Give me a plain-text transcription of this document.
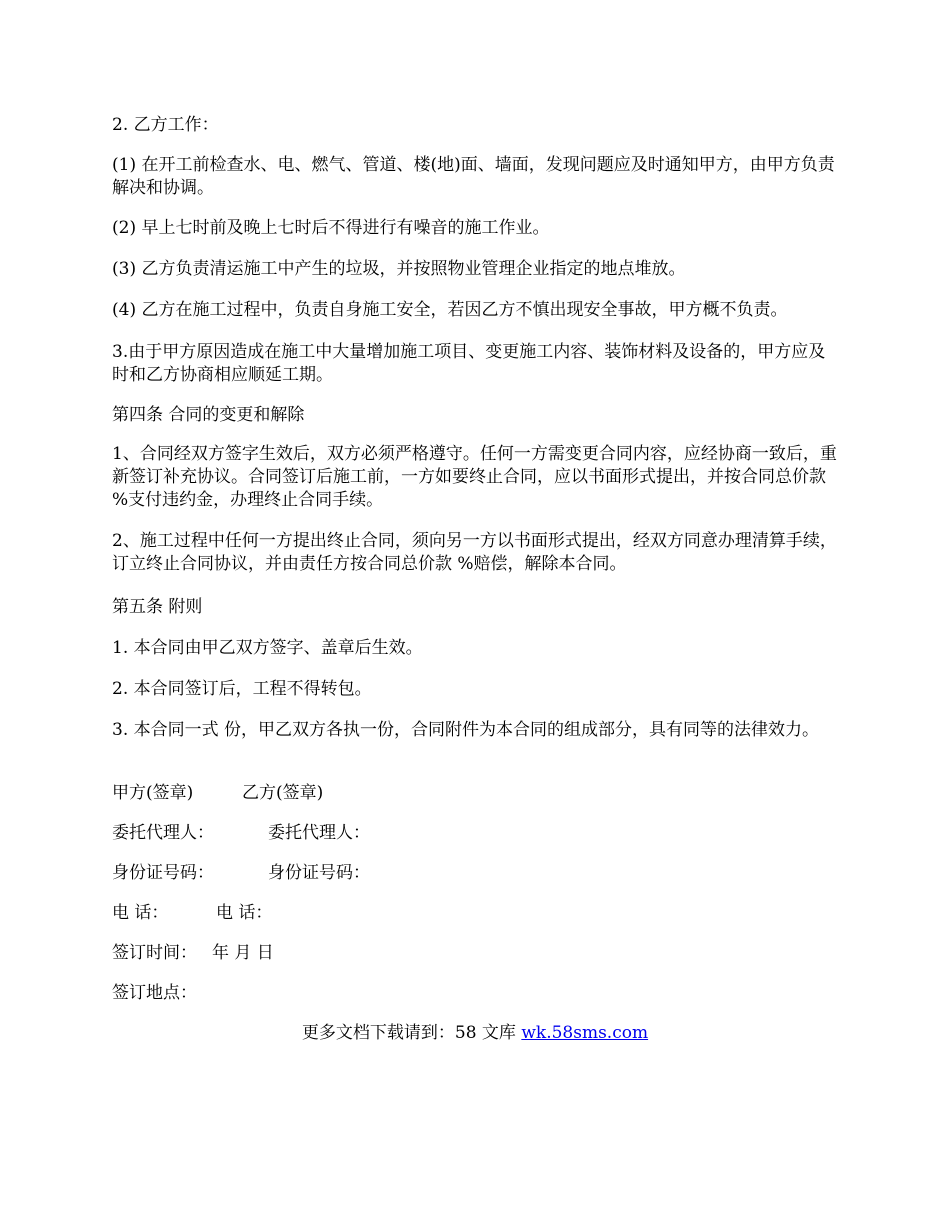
2. 乙方工作：

(1) 在开工前检查水、电、燃气、管道、楼(地)面、墙面，发现问题应及时通知甲方，由甲方负责解决和协调。

(2) 早上七时前及晚上七时后不得进行有噪音的施工作业。

(3) 乙方负责清运施工中产生的垃圾，并按照物业管理企业指定的地点堆放。

(4) 乙方在施工过程中，负责自身施工安全，若因乙方不慎出现安全事故，甲方概不负责。

3.由于甲方原因造成在施工中大量增加施工项目、变更施工内容、装饰材料及设备的，甲方应及时和乙方协商相应顺延工期。

第四条 合同的变更和解除

1、合同经双方签字生效后，双方必须严格遵守。任何一方需变更合同内容，应经协商一致后，重新签订补充协议。合同签订后施工前，一方如要终止合同，应以书面形式提出，并按合同总价款 %支付违约金，办理终止合同手续。

2、施工过程中任何一方提出终止合同，须向另一方以书面形式提出，经双方同意办理清算手续，订立终止合同协议，并由责任方按合同总价款 %赔偿，解除本合同。

第五条 附则

1. 本合同由甲乙双方签字、盖章后生效。

2. 本合同签订后，工程不得转包。

3. 本合同一式 份，甲乙双方各执一份，合同附件为本合同的组成部分，具有同等的法律效力。

甲方(签章)	乙方(签章)
委托代理人：	委托代理人：
身份证号码：	身份证号码：
电 话：	电 话：
签订时间： 年 月 日
签订地点：
更多文档下载请到：58 文库 wk.58sms.com
